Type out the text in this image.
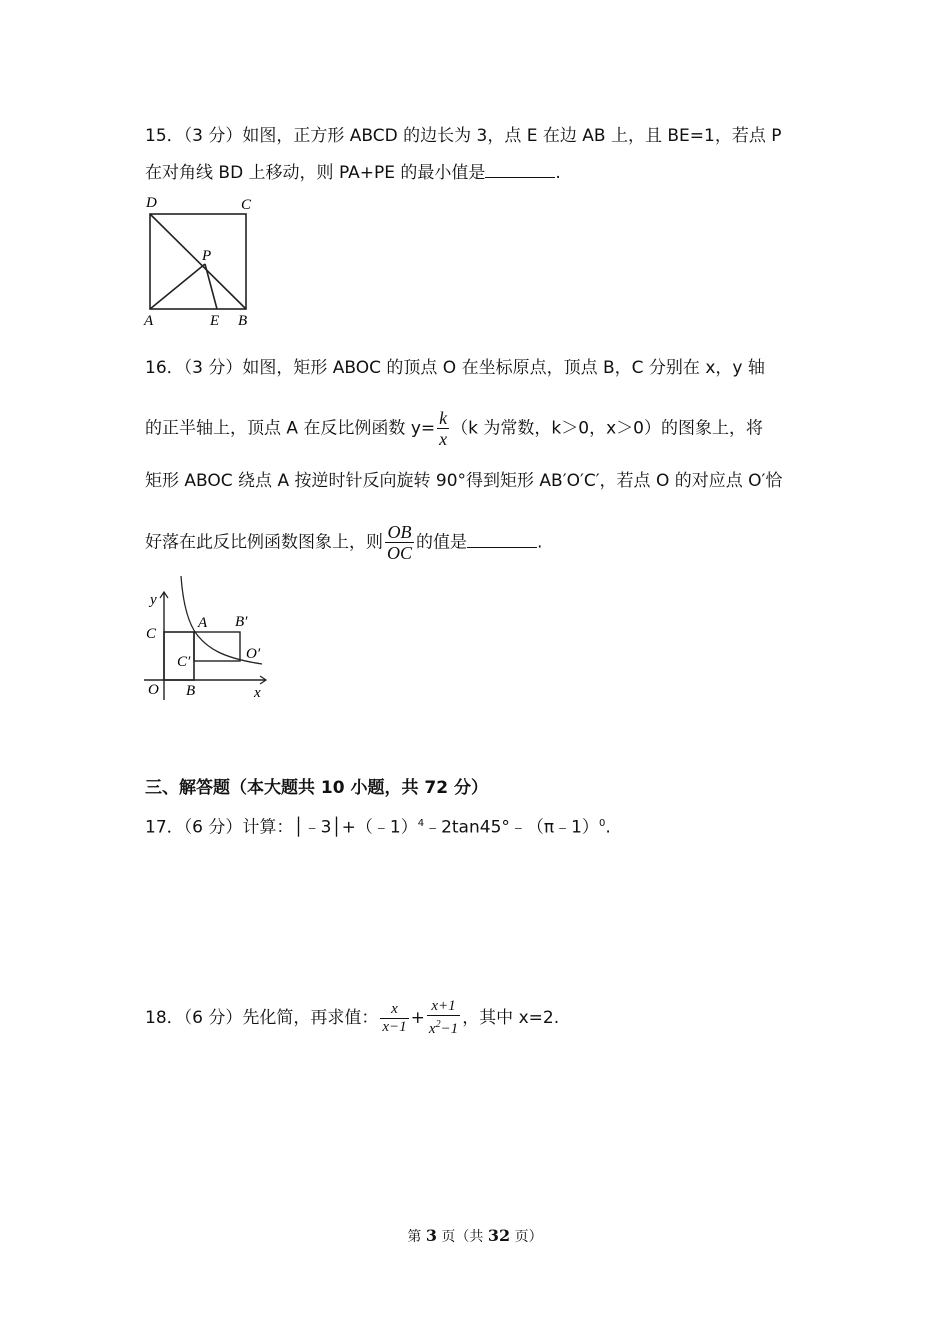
15．（3 分）如图，正方形 ABCD 的边长为 3，点 E 在边 AB 上，且 BE=1，若点 P
在对角线 BD 上移动，则 PA+PE 的最小值是	.
D	C
P
A	E B
16．（3 分）如图，矩形 ABOC 的顶点 O 在坐标原点，顶点 B，C 分别在 x，y 轴
的正半轴上，顶点 A 在反比例函数 $y= \frac{k}{x} (k$ 为常数，k＞0，x＞0）的图象上，将
矩形 ABOC 绕点 A 按逆时针反向旋转 90°得到矩形 AB′O′C′，若点 O 的对应点 O′恰
好落在此反比例函数图象上，则 $\frac{OB}{OC}$ 的值是	.
y
C
A B′
C′	O′
O B	x
三、解答题（本大题共 10 小题，共 72 分）
17．（6 分）计算：│﹣3│+（﹣1）$^4$﹣2tan45°﹣（π﹣1）$^0$.
18．（6 分）先化简，再求值： $\frac{x}{x-1} + \frac{x+1}{x^2-1}$ ，其中 x=2.
第 3 页（共 32 页）
